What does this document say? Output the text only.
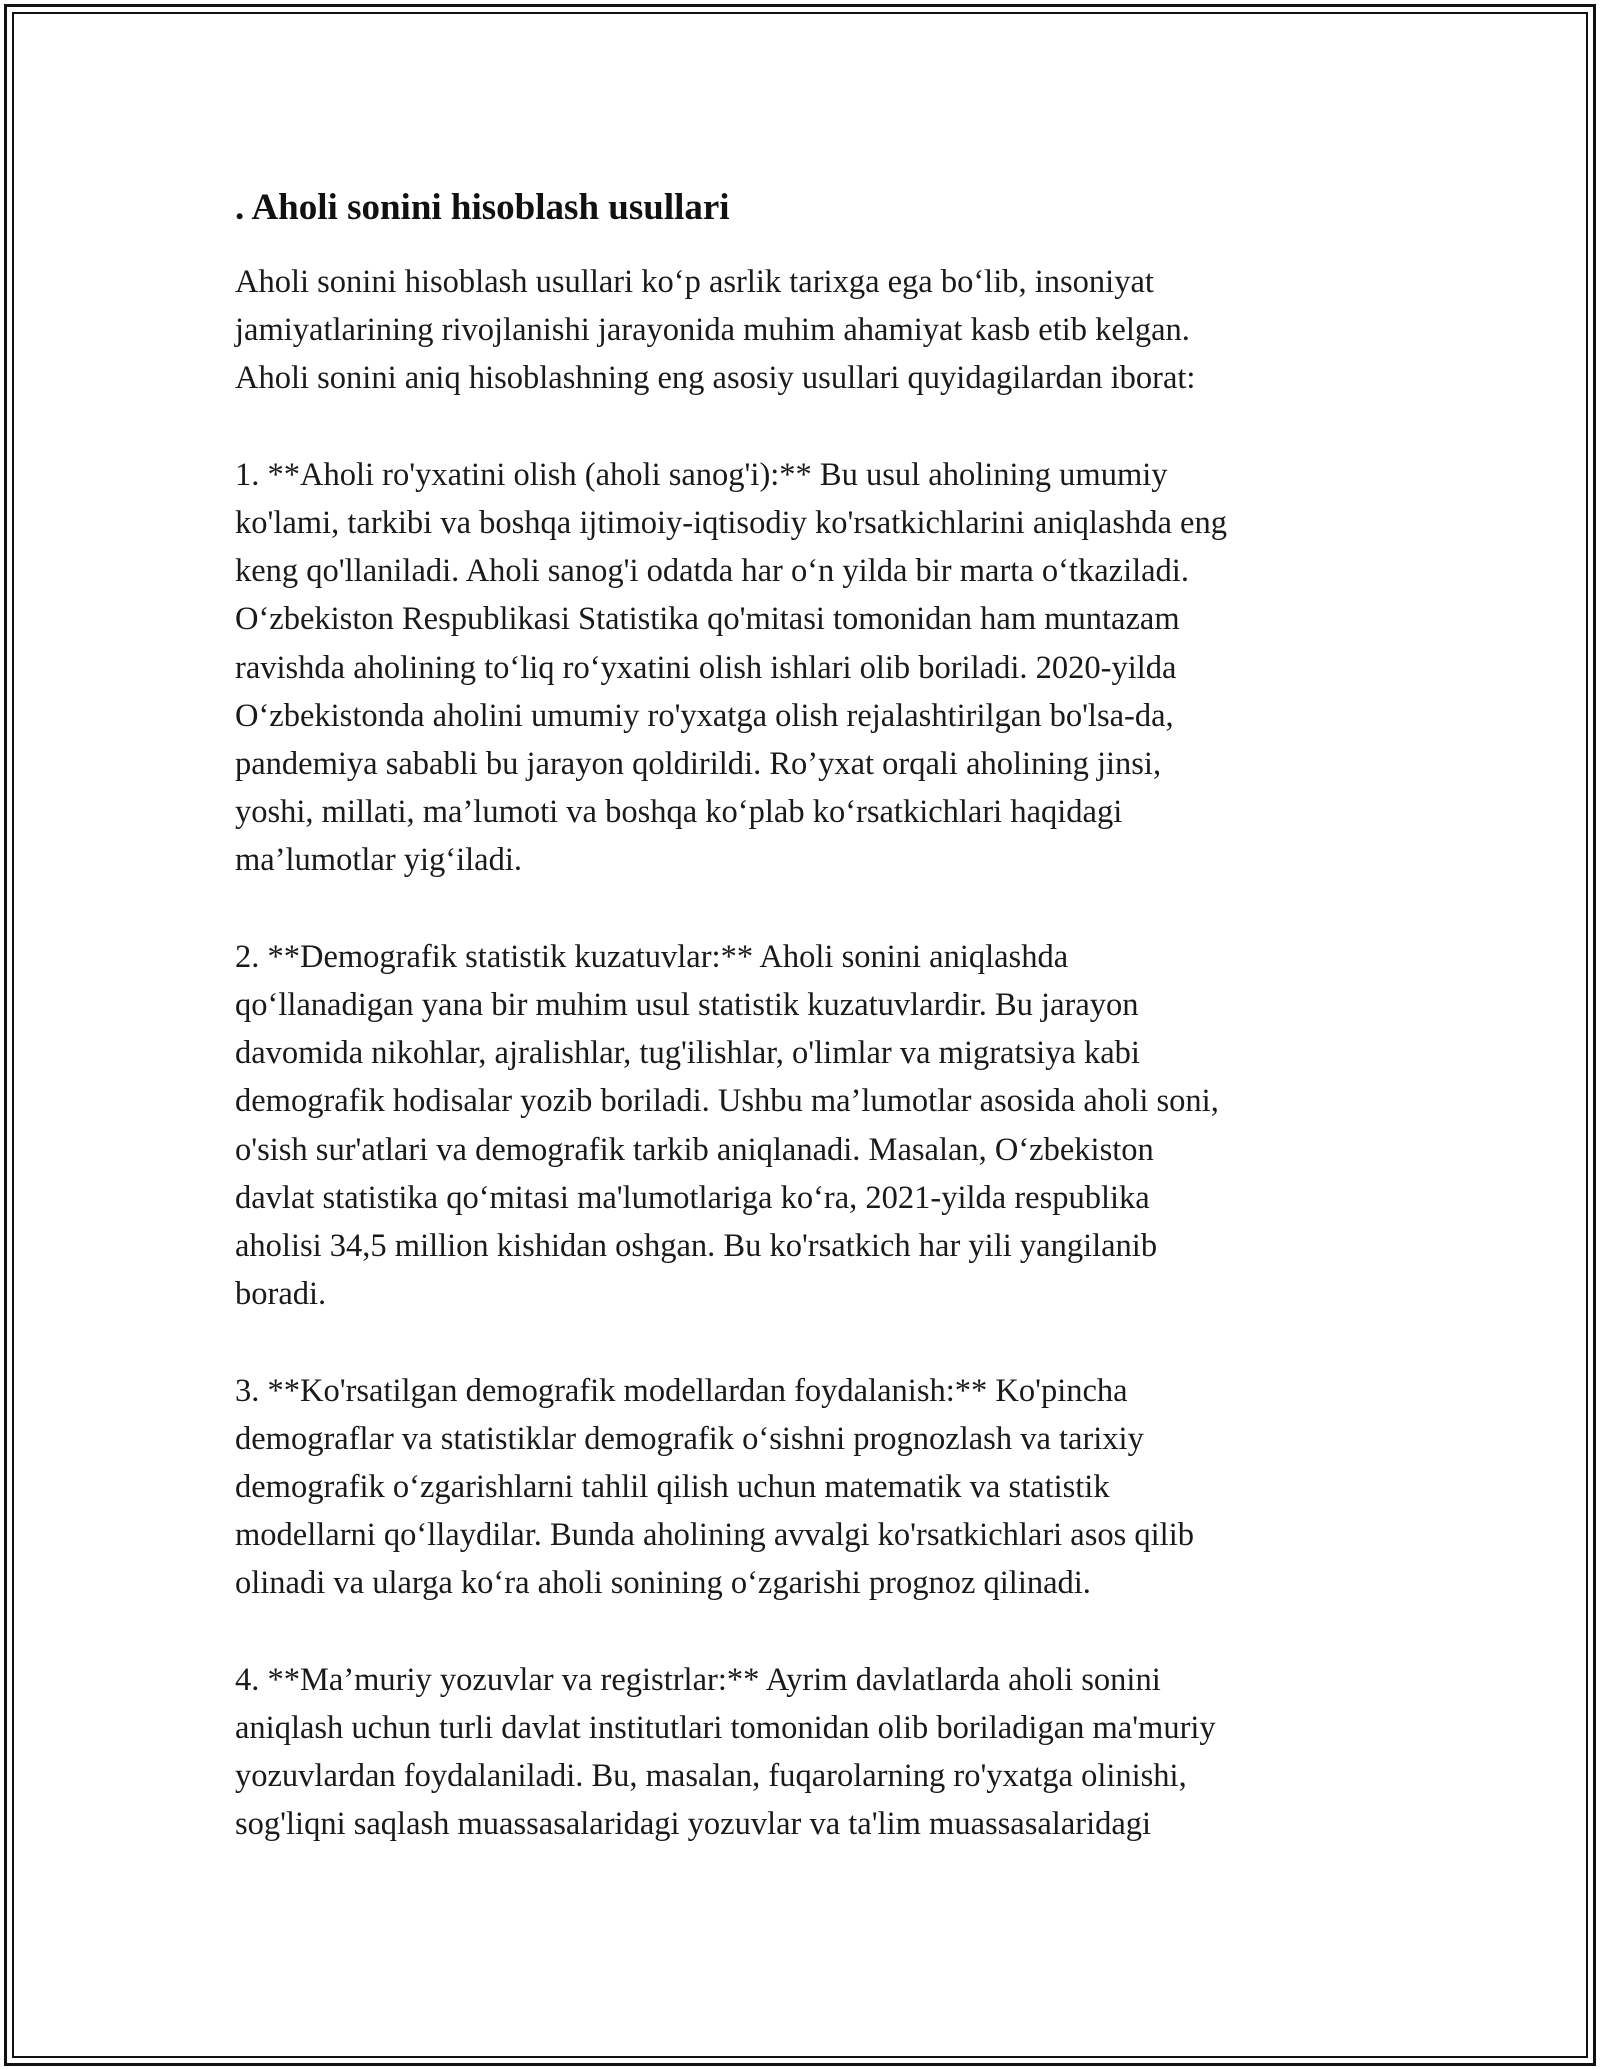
. Aholi sonini hisoblash usullari
Aholi sonini hisoblash usullari koʻp asrlik tarixga ega boʻlib, insoniyat
jamiyatlarining rivojlanishi jarayonida muhim ahamiyat kasb etib kelgan.
Aholi sonini aniq hisoblashning eng asosiy usullari quyidagilardan iborat:
1. **Aholi ro'yxatini olish (aholi sanog'i):** Bu usul aholining umumiy
ko'lami, tarkibi va boshqa ijtimoiy-iqtisodiy ko'rsatkichlarini aniqlashda eng
keng qo'llaniladi. Aholi sanog'i odatda har oʻn yilda bir marta oʻtkaziladi.
Oʻzbekiston Respublikasi Statistika qo'mitasi tomonidan ham muntazam
ravishda aholining toʻliq roʻyxatini olish ishlari olib boriladi. 2020-yilda
Oʻzbekistonda aholini umumiy ro'yxatga olish rejalashtirilgan bo'lsa-da,
pandemiya sababli bu jarayon qoldirildi. Ro’yxat orqali aholining jinsi,
yoshi, millati, ma’lumoti va boshqa koʻplab koʻrsatkichlari haqidagi
ma’lumotlar yigʻiladi.
2. **Demografik statistik kuzatuvlar:** Aholi sonini aniqlashda
qoʻllanadigan yana bir muhim usul statistik kuzatuvlardir. Bu jarayon
davomida nikohlar, ajralishlar, tug'ilishlar, o'limlar va migratsiya kabi
demografik hodisalar yozib boriladi. Ushbu ma’lumotlar asosida aholi soni,
o'sish sur'atlari va demografik tarkib aniqlanadi. Masalan, Oʻzbekiston
davlat statistika qoʻmitasi ma'lumotlariga koʻra, 2021-yilda respublika
aholisi 34,5 million kishidan oshgan. Bu ko'rsatkich har yili yangilanib
boradi.
3. **Ko'rsatilgan demografik modellardan foydalanish:** Ko'pincha
demograflar va statistiklar demografik oʻsishni prognozlash va tarixiy
demografik oʻzgarishlarni tahlil qilish uchun matematik va statistik
modellarni qoʻllaydilar. Bunda aholining avvalgi ko'rsatkichlari asos qilib
olinadi va ularga koʻra aholi sonining oʻzgarishi prognoz qilinadi.
4. **Ma’muriy yozuvlar va registrlar:** Ayrim davlatlarda aholi sonini
aniqlash uchun turli davlat institutlari tomonidan olib boriladigan ma'muriy
yozuvlardan foydalaniladi. Bu, masalan, fuqarolarning ro'yxatga olinishi,
sog'liqni saqlash muassasalaridagi yozuvlar va ta'lim muassasalaridagi
